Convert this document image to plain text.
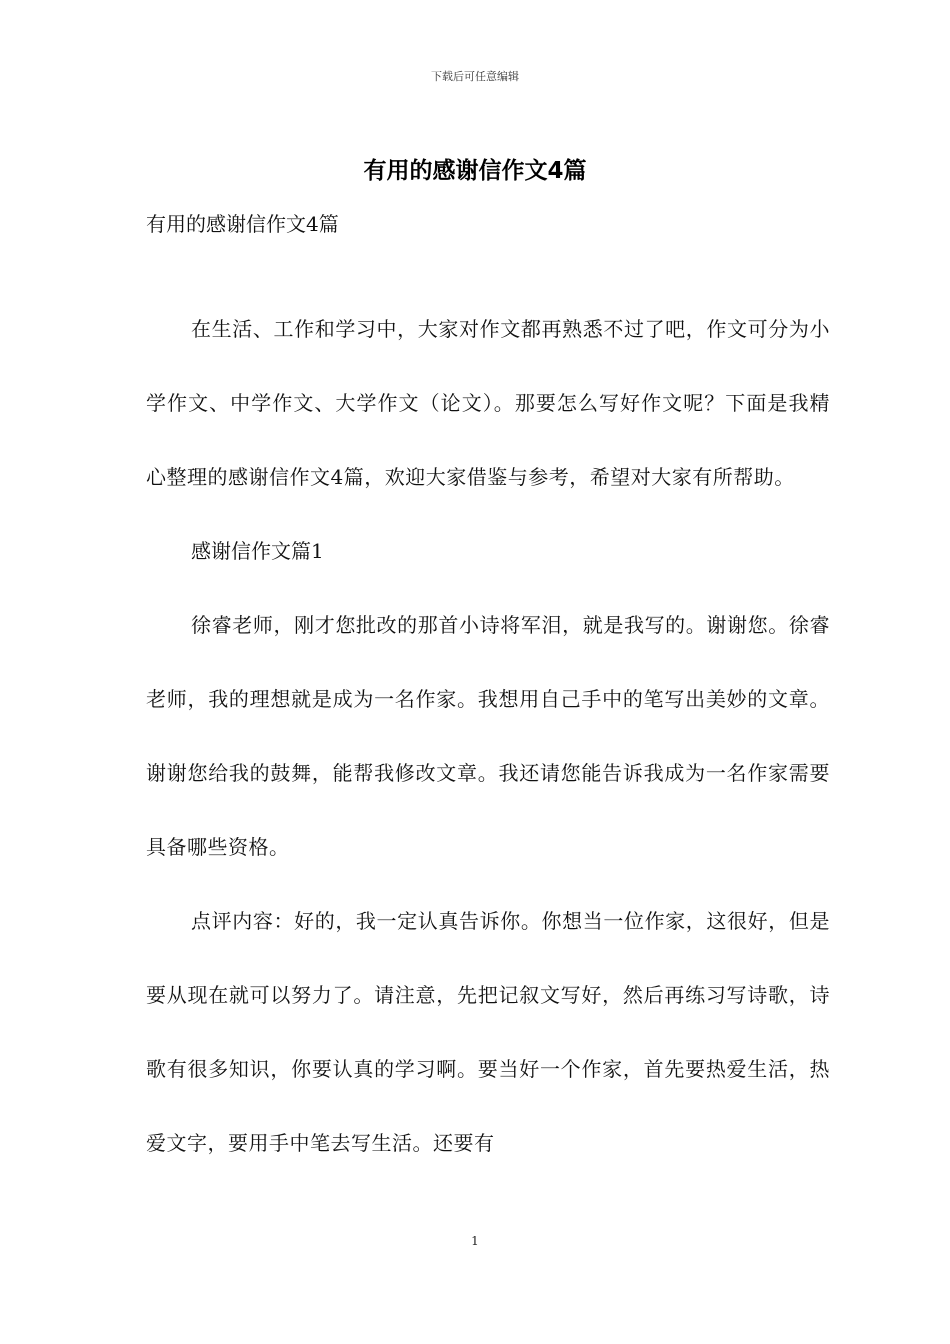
下载后可任意编辑
有用的感谢信作文4篇

有用的感谢信作文4篇

在生活、工作和学习中，大家对作文都再熟悉不过了吧，作文可分为小学作文、中学作文、大学作文（论文）。那要怎么写好作文呢？下面是我精心整理的感谢信作文4篇，欢迎大家借鉴与参考，希望对大家有所帮助。

感谢信作文篇1

徐睿老师，刚才您批改的那首小诗将军泪，就是我写的。谢谢您。徐睿老师，我的理想就是成为一名作家。我想用自己手中的笔写出美妙的文章。谢谢您给我的鼓舞，能帮我修改文章。我还请您能告诉我成为一名作家需要具备哪些资格。

点评内容：好的，我一定认真告诉你。你想当一位作家，这很好，但是要从现在就可以努力了。请注意，先把记叙文写好，然后再练习写诗歌，诗歌有很多知识，你要认真的学习啊。要当好一个作家，首先要热爱生活，热爱文字，要用手中笔去写生活。还要有

1
